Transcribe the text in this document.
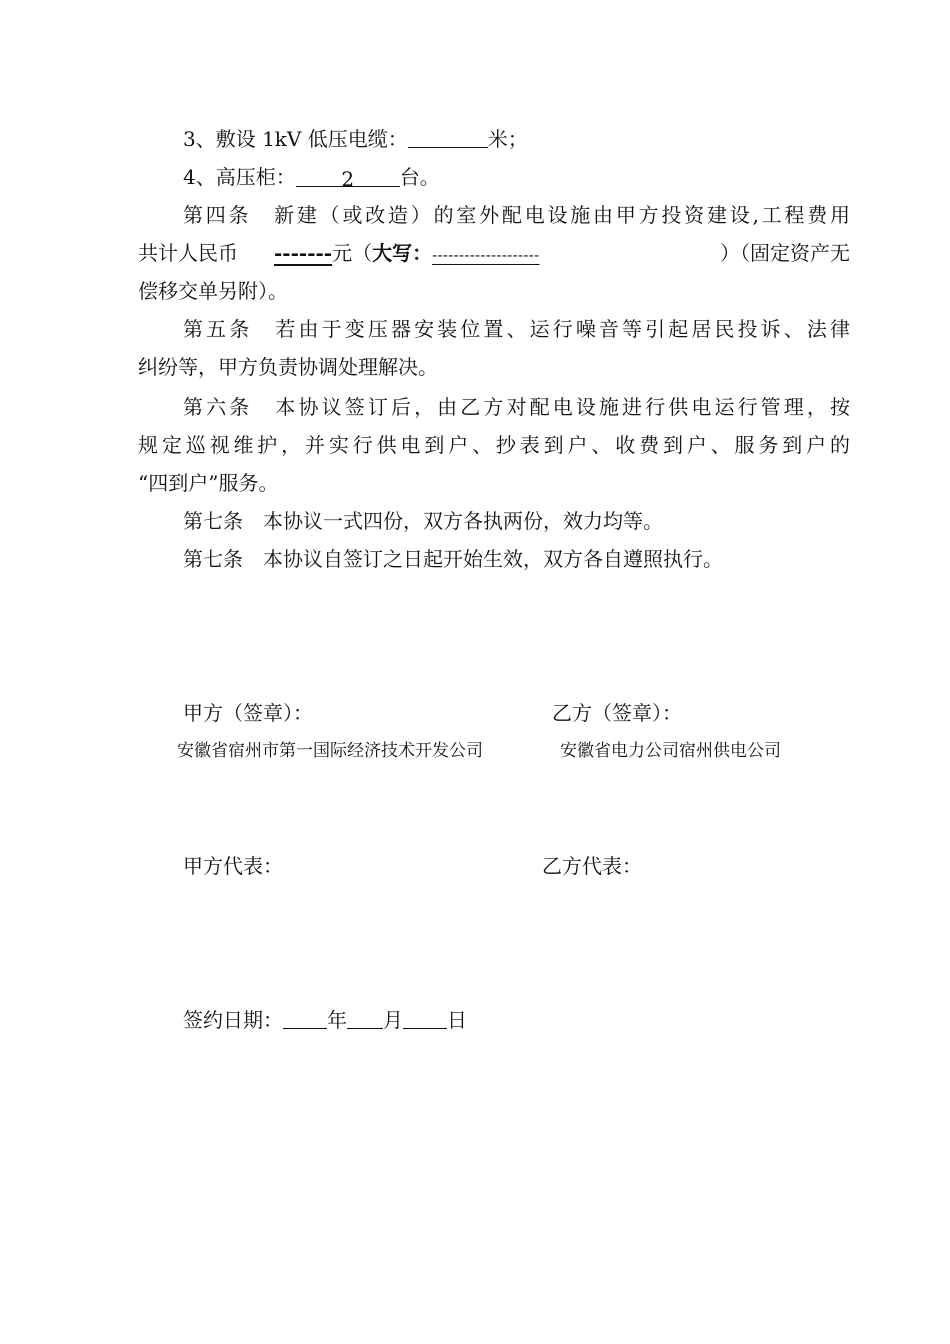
3、敷设 1kV 低压电缆：	米；
4、高压柜： 2 台。
第四条　新建（或改造）的室外配电设施由甲方投资建设,工程费用
共计人民币 -------元（大写：--------------------	）（固定资产无
偿移交单另附）。
第五条　若由于变压器安装位置、运行噪音等引起居民投诉、法律
纠纷等，甲方负责协调处理解决。
第六条　本协议签订后，由乙方对配电设施进行供电运行管理，按
规定巡视维护，并实行供电到户、抄表到户、收费到户、服务到户的
“四到户”服务。
第七条　本协议一式四份，双方各执两份，效力均等。
第七条　本协议自签订之日起开始生效，双方各自遵照执行。
甲方（签章）：	乙方（签章）：
安徽省宿州市第一国际经济技术开发公司	安徽省电力公司宿州供电公司
甲方代表：	乙方代表：
签约日期： 年 月 日
